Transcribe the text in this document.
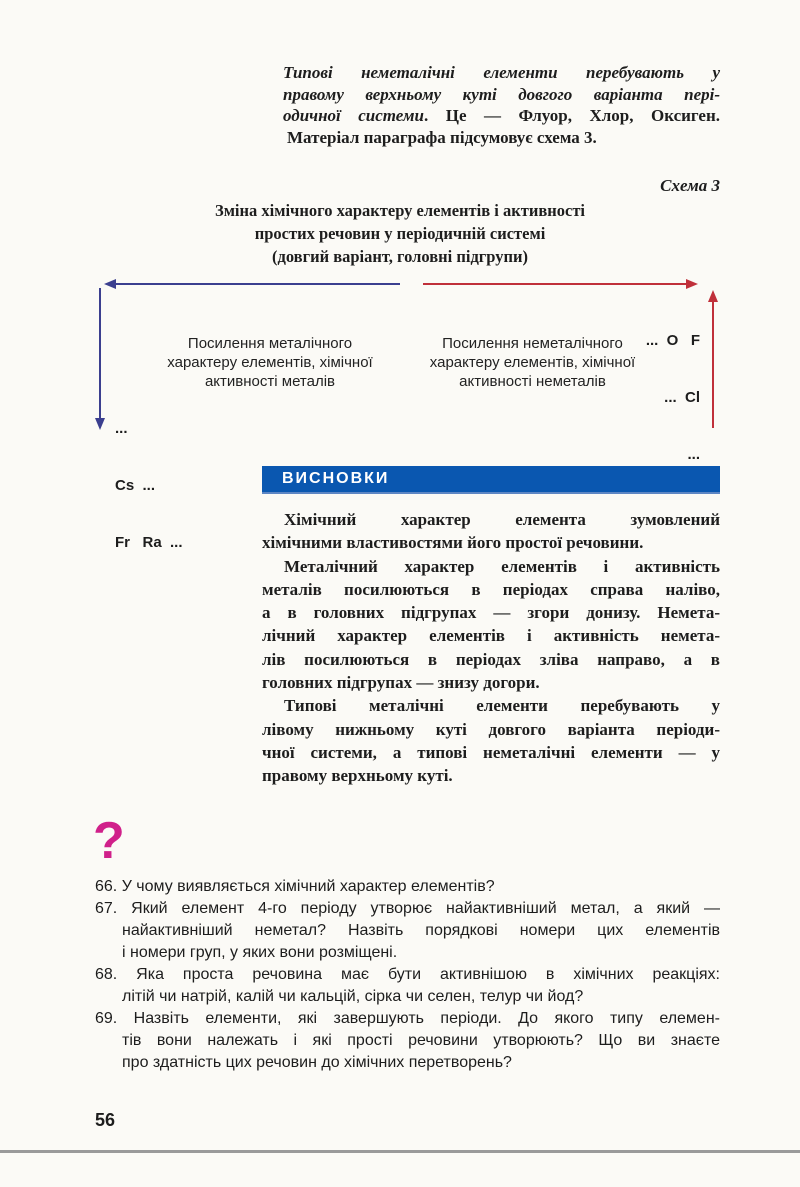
Типові неметалічні елементи перебувають у
правому верхньому куті довгого варіанта пері-
одичної системи. Це — Флуор, Хлор, Оксиген.
Матеріал параграфа підсумовує схема 3.
Схема 3
Зміна хімічного характеру елементів і активності
простих речовин у періодичній системі
(довгий варіант, головні підгрупи)
Посилення металічного
характеру елементів, хімічної
активності металів
Посилення неметалічного
характеру елементів, хімічної
активності неметалів

...

Cs  ...

Fr   Ra  ...

...  O   F

...  Cl

...

ВИСНОВКИ
Хімічний характер елемента зумовлений
хімічними властивостями його простої речовини.
Металічний характер елементів і активність
металів посилюються в періодах справа наліво,
а в головних підгрупах — згори донизу. Немета-
лічний характер елементів і активність немета-
лів посилюються в періодах зліва направо, а в
головних підгрупах — знизу догори.
Типові металічні елементи перебувають у
лівому нижньому куті довгого варіанта періоди-
чної системи, а типові неметалічні елементи — у
правому верхньому куті.
?
66. У чому виявляється хімічний характер елементів?
67. Який елемент 4-го періоду утворює найактивніший метал, а який —
найактивніший неметал? Назвіть порядкові номери цих елементів
і номери груп, у яких вони розміщені.
68. Яка проста речовина має бути активнішою в хімічних реакціях:
літій чи натрій, калій чи кальцій, сірка чи селен, телур чи йод?
69. Назвіть елементи, які завершують періоди. До якого типу елемен-
тів вони належать і які прості речовини утворюють? Що ви знаєте
про здатність цих речовин до хімічних перетворень?
56
